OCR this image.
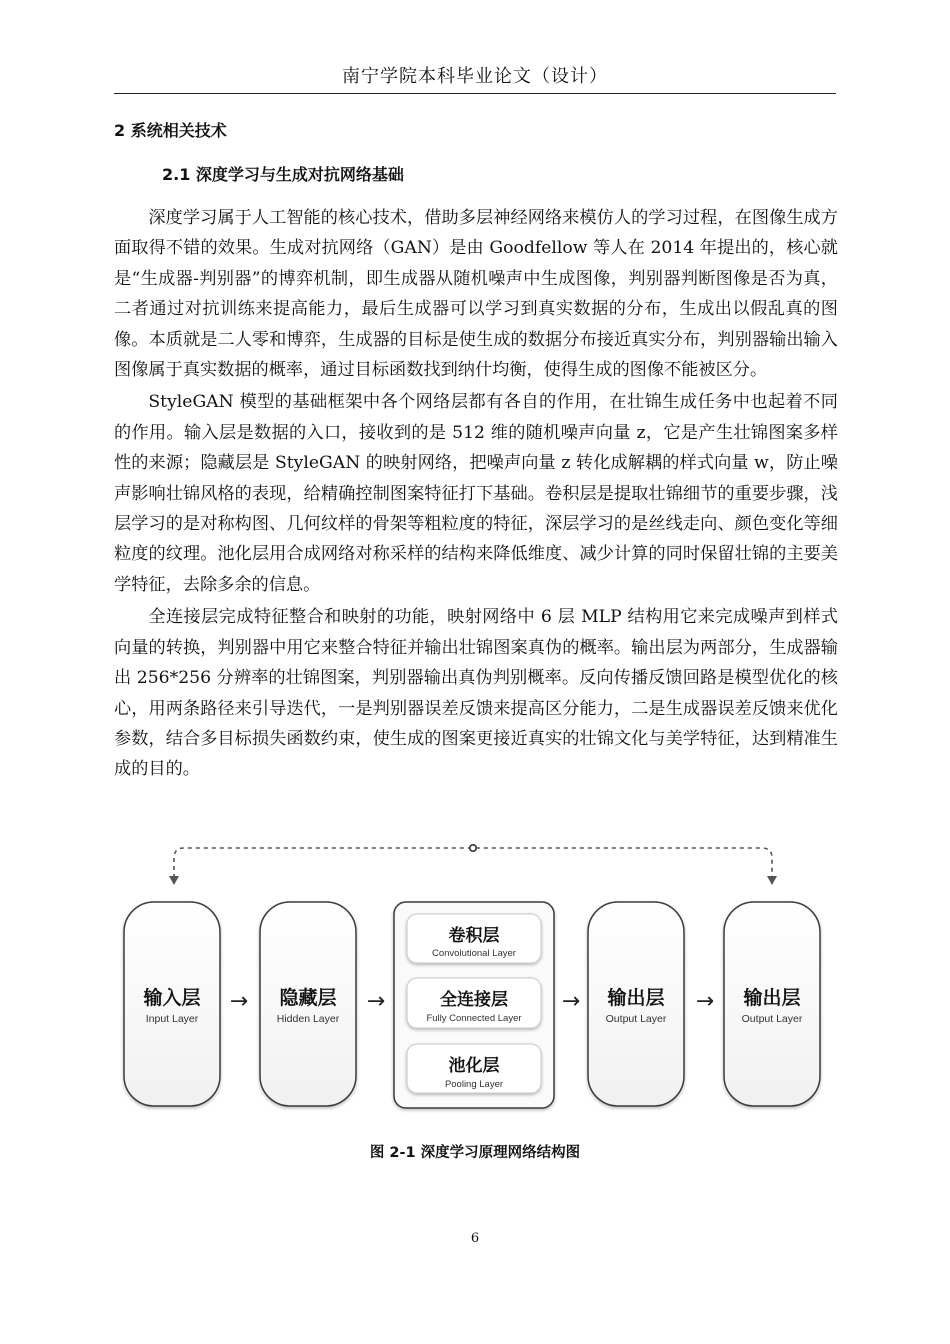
南宁学院本科毕业论文（设计）
2 系统相关技术
2.1 深度学习与生成对抗网络基础

深度学习属于人工智能的核心技术，借助多层神经网络来模仿人的学习过程，在图像生成方面取得不错的效果。生成对抗网络（GAN）是由 Goodfellow 等人在 2014 年提出的，核心就是“生成器-判别器”的博弈机制，即生成器从随机噪声中生成图像，判别器判断图像是否为真，二者通过对抗训练来提高能力，最后生成器可以学习到真实数据的分布，生成出以假乱真的图像。本质就是二人零和博弈，生成器的目标是使生成的数据分布接近真实分布，判别器输出输入图像属于真实数据的概率，通过目标函数找到纳什均衡，使得生成的图像不能被区分。

StyleGAN 模型的基础框架中各个网络层都有各自的作用，在壮锦生成任务中也起着不同的作用。输入层是数据的入口，接收到的是 512 维的随机噪声向量 z，它是产生壮锦图案多样性的来源；隐藏层是 StyleGAN 的映射网络，把噪声向量 z 转化成解耦的样式向量 w，防止噪声影响壮锦风格的表现，给精确控制图案特征打下基础。卷积层是提取壮锦细节的重要步骤，浅层学习的是对称构图、几何纹样的骨架等粗粒度的特征，深层学习的是丝线走向、颜色变化等细粒度的纹理。池化层用合成网络对称采样的结构来降低维度、减少计算的同时保留壮锦的主要美学特征，去除多余的信息。

全连接层完成特征整合和映射的功能，映射网络中 6 层 MLP 结构用它来完成噪声到样式向量的转换，判别器中用它来整合特征并输出壮锦图案真伪的概率。输出层为两部分，生成器输出 256*256 分辨率的壮锦图案，判别器输出真伪判别概率。反向传播反馈回路是模型优化的核心，用两条路径来引导迭代，一是判别器误差反馈来提高区分能力，二是生成器误差反馈来优化参数，结合多目标损失函数约束，使生成的图案更接近真实的壮锦文化与美学特征，达到精准生成的目的。

输入层
Input Layer
→ 隐藏层
Hidden Layer
→
卷积层
Convolutional Layer
全连接层
Fully Connected Layer
池化层
Pooling Layer
→ 输出层
Output Layer
→ 输出层
Output Layer
图 2-1 深度学习原理网络结构图
6
